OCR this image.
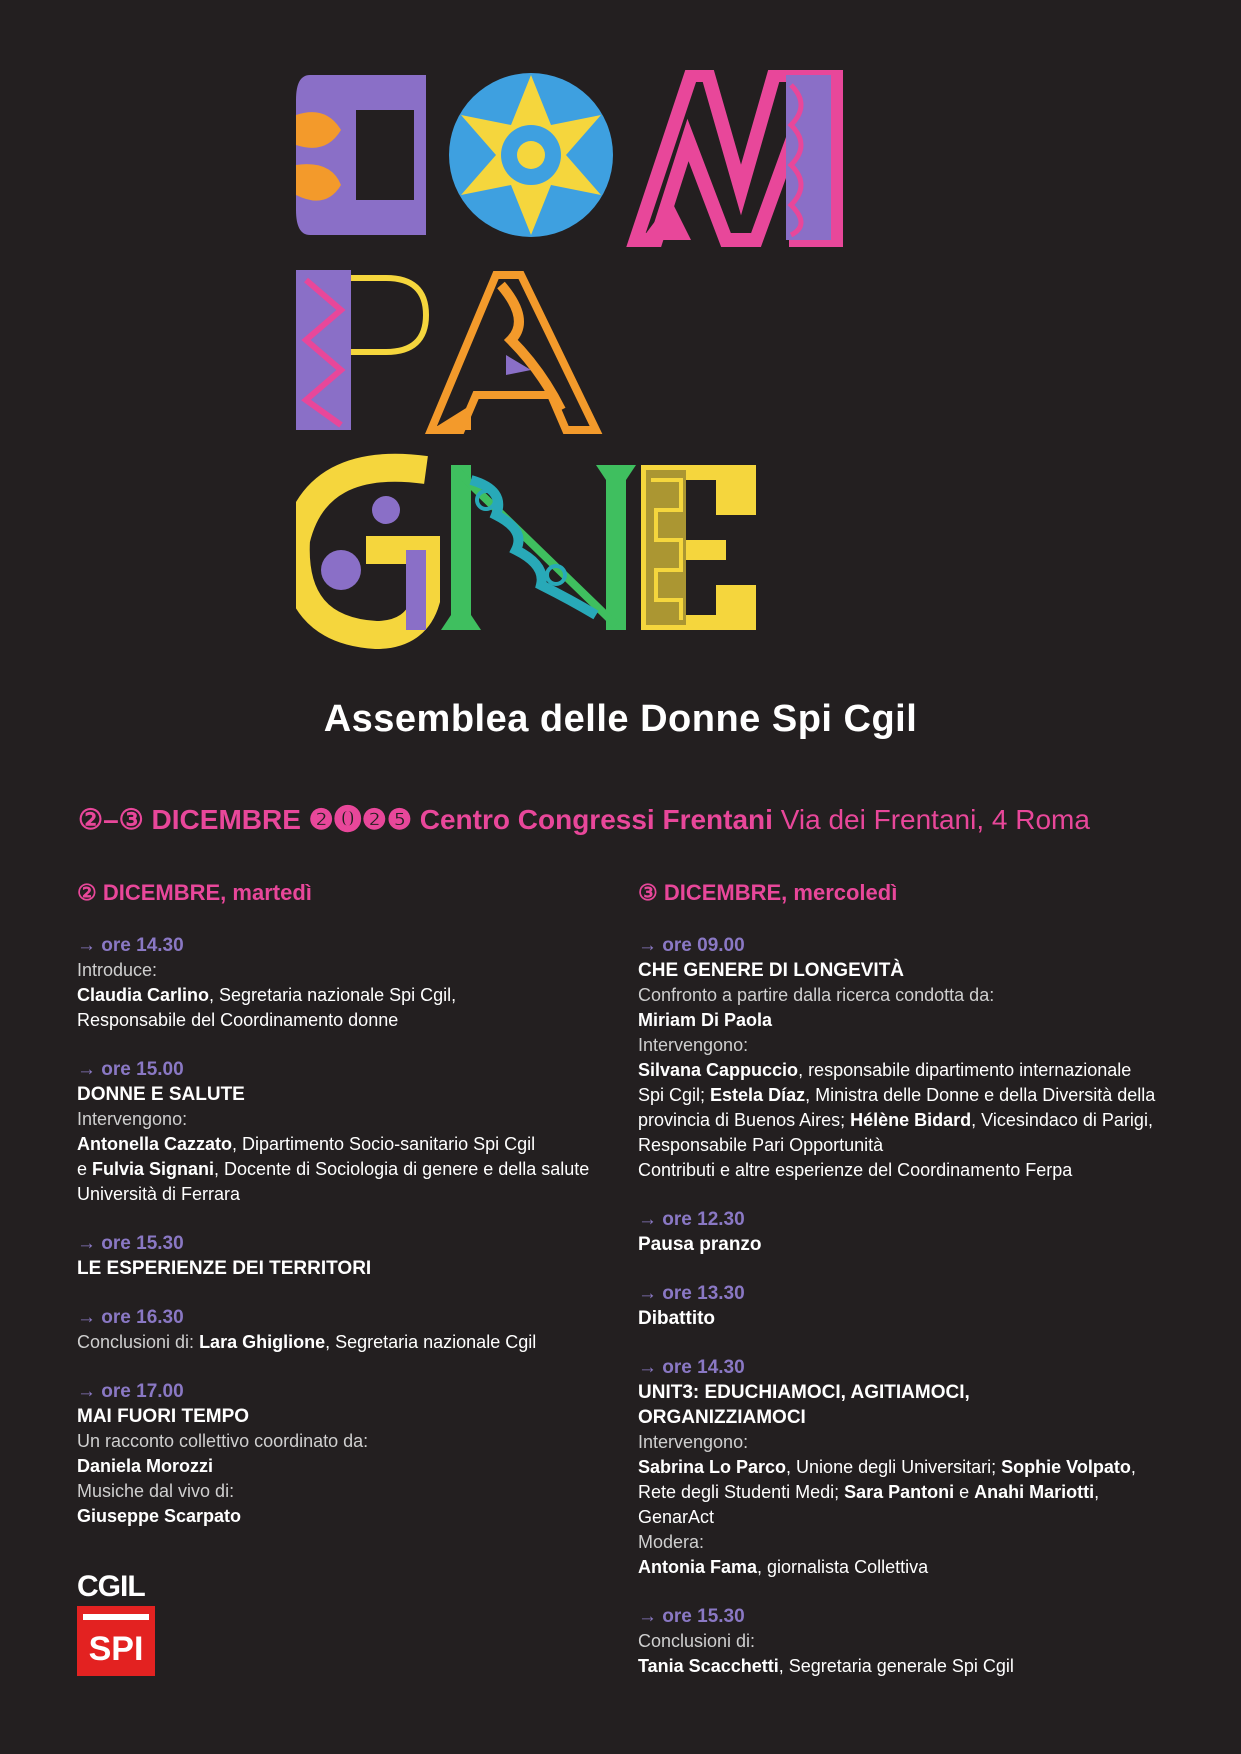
Assemblea delle Donne Spi Cgil
②–③ DICEMBRE ❷⓿❷❺ Centro Congressi Frentani Via dei Frentani, 4 Roma
② DICEMBRE, martedì
→ ore 14.30
Introduce:
Claudia Carlino, Segretaria nazionale Spi Cgil,
Responsabile del Coordinamento donne
→ ore 15.00
DONNE E SALUTE
Intervengono:
Antonella Cazzato, Dipartimento Socio-sanitario Spi Cgil
e Fulvia Signani, Docente di Sociologia di genere e della salute
Università di Ferrara
→ ore 15.30
LE ESPERIENZE DEI TERRITORI
→ ore 16.30
Conclusioni di: Lara Ghiglione, Segretaria nazionale Cgil
→ ore 17.00
MAI FUORI TEMPO
Un racconto collettivo coordinato da:
Daniela Morozzi
Musiche dal vivo di:
Giuseppe Scarpato
③ DICEMBRE, mercoledì
→ ore 09.00
CHE GENERE DI LONGEVITÀ
Confronto a partire dalla ricerca condotta da:
Miriam Di Paola
Intervengono:
Silvana Cappuccio, responsabile dipartimento internazionale
Spi Cgil; Estela Díaz, Ministra delle Donne e della Diversità della
provincia di Buenos Aires; Hélène Bidard, Vicesindaco di Parigi,
Responsabile Pari Opportunità
Contributi e altre esperienze del Coordinamento Ferpa
→ ore 12.30
Pausa pranzo
→ ore 13.30
Dibattito
→ ore 14.30
UNIT3: EDUCHIAMOCI, AGITIAMOCI,
ORGANIZZIAMOCI
Intervengono:
Sabrina Lo Parco, Unione degli Universitari; Sophie Volpato,
Rete degli Studenti Medi; Sara Pantoni e Anahi Mariotti,
GenarAct
Modera:
Antonia Fama, giornalista Collettiva
→ ore 15.30
Conclusioni di:
Tania Scacchetti, Segretaria generale Spi Cgil
CGIL
SPI
